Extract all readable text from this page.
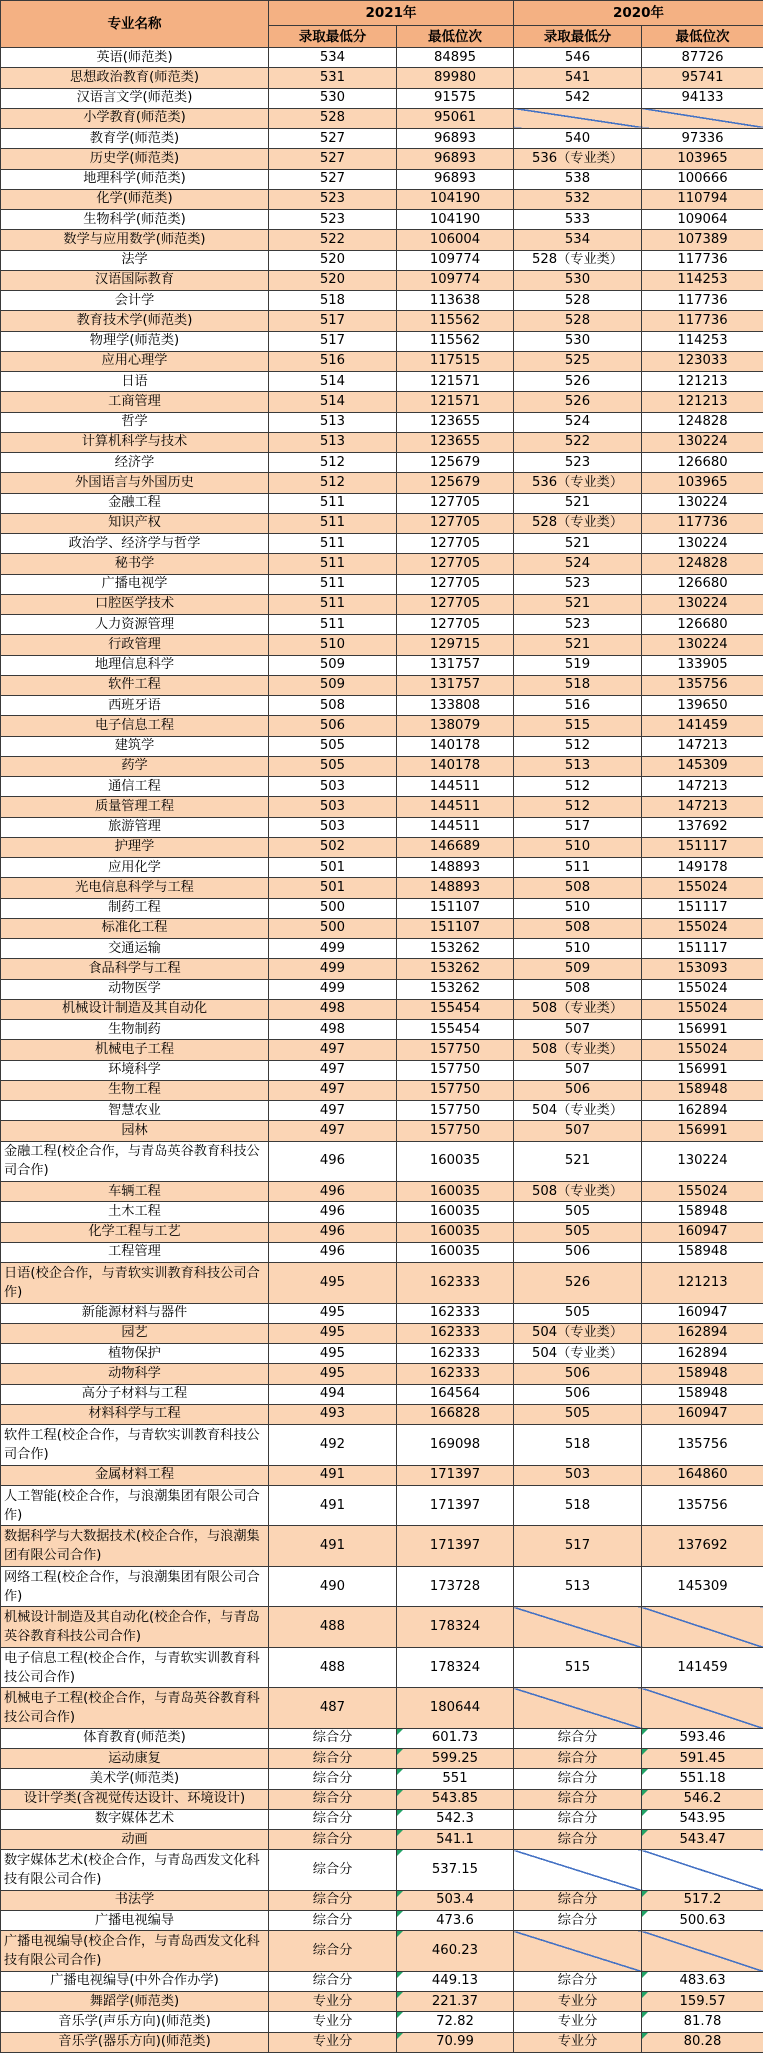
专业名称	2021年		2020年	
	录取最低分	最低位次	录取最低分	最低位次
英语(师范类)	534	84895	546	87726
思想政治教育(师范类)	531	89980	541	95741
汉语言文学(师范类)	530	91575	542	94133
小学教育(师范类)	528	95061		
教育学(师范类)	527	96893	540	97336
历史学(师范类)	527	96893	536（专业类）	103965
地理科学(师范类)	527	96893	538	100666
化学(师范类)	523	104190	532	110794
生物科学(师范类)	523	104190	533	109064
数学与应用数学(师范类)	522	106004	534	107389
法学	520	109774	528（专业类）	117736
汉语国际教育	520	109774	530	114253
会计学	518	113638	528	117736
教育技术学(师范类)	517	115562	528	117736
物理学(师范类)	517	115562	530	114253
应用心理学	516	117515	525	123033
日语	514	121571	526	121213
工商管理	514	121571	526	121213
哲学	513	123655	524	124828
计算机科学与技术	513	123655	522	130224
经济学	512	125679	523	126680
外国语言与外国历史	512	125679	536（专业类）	103965
金融工程	511	127705	521	130224
知识产权	511	127705	528（专业类）	117736
政治学、经济学与哲学	511	127705	521	130224
秘书学	511	127705	524	124828
广播电视学	511	127705	523	126680
口腔医学技术	511	127705	521	130224
人力资源管理	511	127705	523	126680
行政管理	510	129715	521	130224
地理信息科学	509	131757	519	133905
软件工程	509	131757	518	135756
西班牙语	508	133808	516	139650
电子信息工程	506	138079	515	141459
建筑学	505	140178	512	147213
药学	505	140178	513	145309
通信工程	503	144511	512	147213
质量管理工程	503	144511	512	147213
旅游管理	503	144511	517	137692
护理学	502	146689	510	151117
应用化学	501	148893	511	149178
光电信息科学与工程	501	148893	508	155024
制药工程	500	151107	510	151117
标准化工程	500	151107	508	155024
交通运输	499	153262	510	151117
食品科学与工程	499	153262	509	153093
动物医学	499	153262	508	155024
机械设计制造及其自动化	498	155454	508（专业类）	155024
生物制药	498	155454	507	156991
机械电子工程	497	157750	508（专业类）	155024
环境科学	497	157750	507	156991
生物工程	497	157750	506	158948
智慧农业	497	157750	504（专业类）	162894
园林	497	157750	507	156991
金融工程(校企合作，与青岛英谷教育科技公司合作)	496	160035	521	130224
车辆工程	496	160035	508（专业类）	155024
土木工程	496	160035	505	158948
化学工程与工艺	496	160035	505	160947
工程管理	496	160035	506	158948
日语(校企合作，与青软实训教育科技公司合作)	495	162333	526	121213
新能源材料与器件	495	162333	505	160947
园艺	495	162333	504（专业类）	162894
植物保护	495	162333	504（专业类）	162894
动物科学	495	162333	506	158948
高分子材料与工程	494	164564	506	158948
材料科学与工程	493	166828	505	160947
软件工程(校企合作，与青软实训教育科技公司合作)	492	169098	518	135756
金属材料工程	491	171397	503	164860
人工智能(校企合作，与浪潮集团有限公司合作)	491	171397	518	135756
数据科学与大数据技术(校企合作，与浪潮集团有限公司合作)	491	171397	517	137692
网络工程(校企合作，与浪潮集团有限公司合作)	490	173728	513	145309
机械设计制造及其自动化(校企合作，与青岛英谷教育科技公司合作)	488	178324		
电子信息工程(校企合作，与青软实训教育科技公司合作)	488	178324	515	141459
机械电子工程(校企合作，与青岛英谷教育科技公司合作)	487	180644		
体育教育(师范类)	综合分	601.73	综合分	593.46
运动康复	综合分	599.25	综合分	591.45
美术学(师范类)	综合分	551	综合分	551.18
设计学类(含视觉传达设计、环境设计)	综合分	543.85	综合分	546.2
数字媒体艺术	综合分	542.3	综合分	543.95
动画	综合分	541.1	综合分	543.47
数字媒体艺术(校企合作，与青岛西发文化科技有限公司合作)	综合分	537.15		
书法学	综合分	503.4	综合分	517.2
广播电视编导	综合分	473.6	综合分	500.63
广播电视编导(校企合作，与青岛西发文化科技有限公司合作)	综合分	460.23		
广播电视编导(中外合作办学)	综合分	449.13	综合分	483.63
舞蹈学(师范类)	专业分	221.37	专业分	159.57
音乐学(声乐方向)(师范类)	专业分	72.82	专业分	81.78
音乐学(器乐方向)(师范类)	专业分	70.99	专业分	80.28
